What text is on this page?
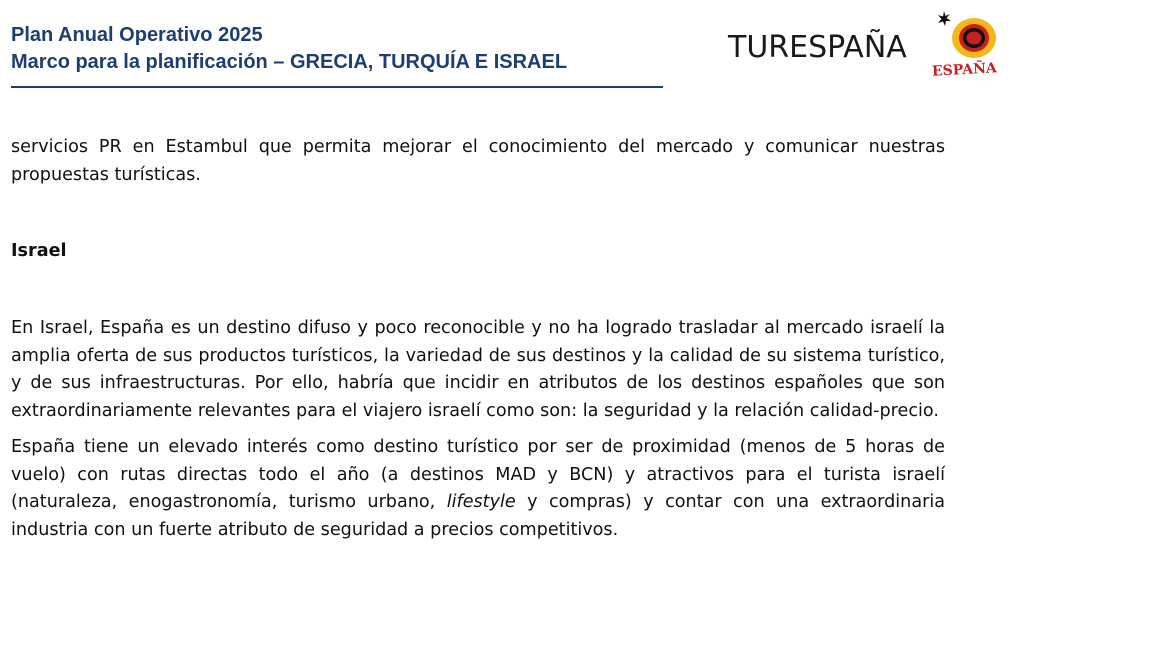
Plan Anual Operativo 2025
Marco para la planificación – GRECIA, TURQUÍA E ISRAEL	TURESPAÑA
ESPAÑA

servicios PR en Estambul que permita mejorar el conocimiento del mercado y comunicar nuestras propuestas turísticas.

Israel

En Israel, España es un destino difuso y poco reconocible y no ha logrado trasladar al mercado israelí la amplia oferta de sus productos turísticos, la variedad de sus destinos y la calidad de su sistema turístico, y de sus infraestructuras. Por ello, habría que incidir en atributos de los destinos españoles que son extraordinariamente relevantes para el viajero israelí como son: la seguridad y la relación calidad-precio.

España tiene un elevado interés como destino turístico por ser de proximidad (menos de 5 horas de vuelo) con rutas directas todo el año (a destinos MAD y BCN) y atractivos para el turista israelí (naturaleza, enogastronomía, turismo urbano, lifestyle y compras) y contar con una extraordinaria industria con un fuerte atributo de seguridad a precios competitivos.
